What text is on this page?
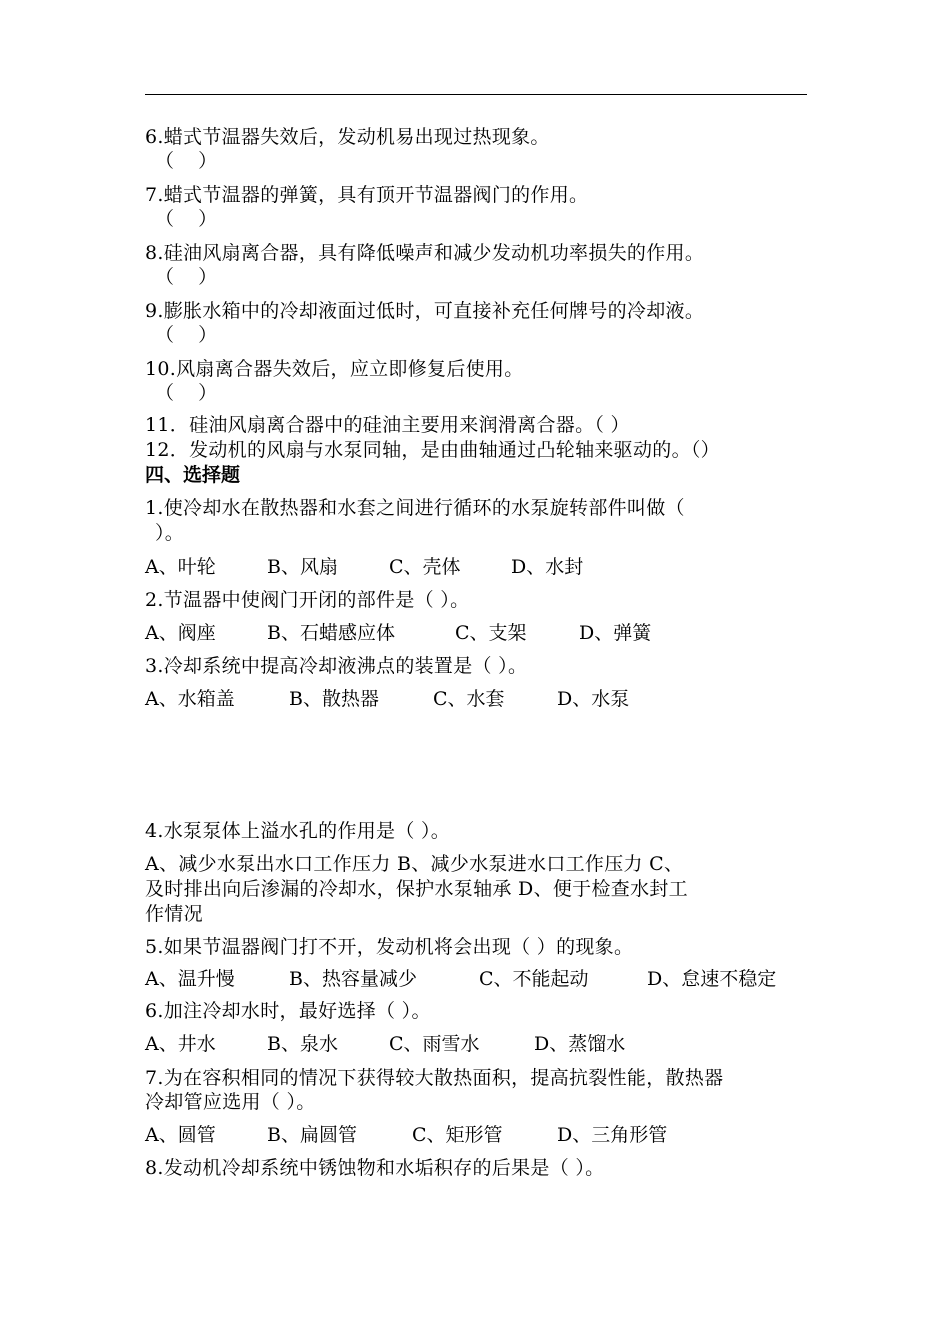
6.蜡式节温器失效后，发动机易出现过热现象。
（    ）
7.蜡式节温器的弹簧，具有顶开节温器阀门的作用。
（    ）
8.硅油风扇离合器，具有降低噪声和减少发动机功率损失的作用。
（    ）
9.膨胀水箱中的冷却液面过低时，可直接补充任何牌号的冷却液。
（    ）
10.风扇离合器失效后，应立即修复后使用。
（    ）
11．硅油风扇离合器中的硅油主要用来润滑离合器。（ ）
12．发动机的风扇与水泵同轴，是由曲轴通过凸轮轴来驱动的。（）
四、选择题
1.使冷却水在散热器和水套之间进行循环的水泵旋转部件叫做（
）。
A、叶轮	B、风扇	C、壳体	D、水封
2.节温器中使阀门开闭的部件是（ ）。
A、阀座	B、石蜡感应体	C、支架	D、弹簧
3.冷却系统中提高冷却液沸点的装置是（ ）。
A、水箱盖	B、散热器	C、水套	D、水泵
4.水泵泵体上溢水孔的作用是（ ）。
A、减少水泵出水口工作压力 B、减少水泵进水口工作压力 C、
及时排出向后渗漏的冷却水，保护水泵轴承 D、便于检查水封工
作情况
5.如果节温器阀门打不开，发动机将会出现（ ）的现象。
A、温升慢	B、热容量减少	C、不能起动	D、怠速不稳定
6.加注冷却水时，最好选择（ ）。
A、井水	B、泉水	C、雨雪水	D、蒸馏水
7.为在容积相同的情况下获得较大散热面积，提高抗裂性能，散热器
冷却管应选用（ ）。
A、圆管	B、扁圆管	C、矩形管	D、三角形管
8.发动机冷却系统中锈蚀物和水垢积存的后果是（ ）。
